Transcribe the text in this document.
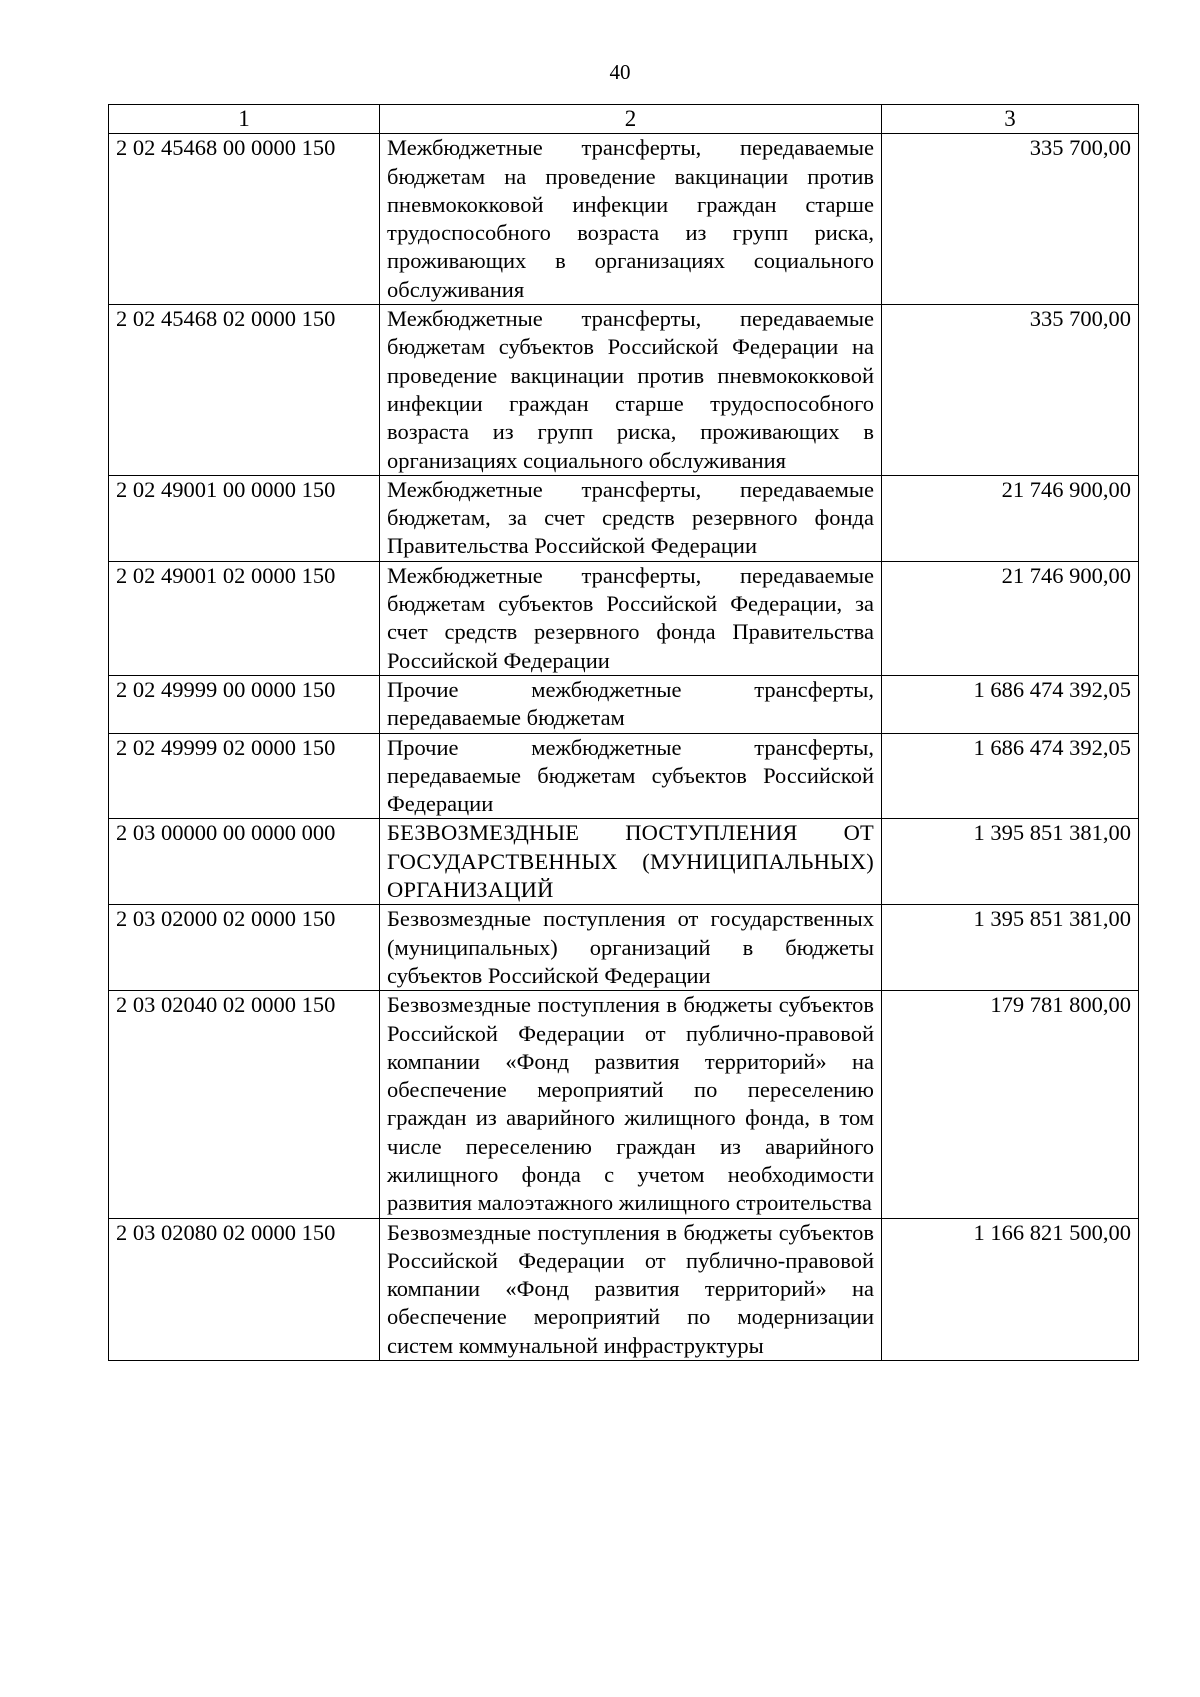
40
1	2	3
2 02 45468 00 0000 150	Межбюджетные трансферты, передаваемые бюджетам на проведение вакцинации против пневмококковой инфекции граждан старше трудоспособного возраста из групп риска, проживающих в организациях социального обслуживания	335 700,00
2 02 45468 02 0000 150	Межбюджетные трансферты, передаваемые бюджетам субъектов Российской Федерации на проведение вакцинации против пневмококковой инфекции граждан старше трудоспособного возраста из групп риска, проживающих в организациях социального обслуживания	335 700,00
2 02 49001 00 0000 150	Межбюджетные трансферты, передаваемые бюджетам, за счет средств резервного фонда Правительства Российской Федерации	21 746 900,00
2 02 49001 02 0000 150	Межбюджетные трансферты, передаваемые бюджетам субъектов Российской Федерации, за счет средств резервного фонда Правительства Российской Федерации	21 746 900,00
2 02 49999 00 0000 150	Прочие межбюджетные трансферты, передаваемые бюджетам	1 686 474 392,05
2 02 49999 02 0000 150	Прочие межбюджетные трансферты, передаваемые бюджетам субъектов Российской Федерации	1 686 474 392,05
2 03 00000 00 0000 000	БЕЗВОЗМЕЗДНЫЕ ПОСТУПЛЕНИЯ ОТ ГОСУДАРСТВЕННЫХ (МУНИЦИПАЛЬНЫХ) ОРГАНИЗАЦИЙ	1 395 851 381,00
2 03 02000 02 0000 150	Безвозмездные поступления от государственных (муниципальных) организаций в бюджеты субъектов Российской Федерации	1 395 851 381,00
2 03 02040 02 0000 150	Безвозмездные поступления в бюджеты субъектов Российской Федерации от публично-правовой компании «Фонд развития территорий» на обеспечение мероприятий по переселению граждан из аварийного жилищного фонда, в том числе переселению граждан из аварийного жилищного фонда с учетом необходимости развития малоэтажного жилищного строительства	179 781 800,00
2 03 02080 02 0000 150	Безвозмездные поступления в бюджеты субъектов Российской Федерации от публично-правовой компании «Фонд развития территорий» на обеспечение мероприятий по модернизации систем коммунальной инфраструктуры	1 166 821 500,00
